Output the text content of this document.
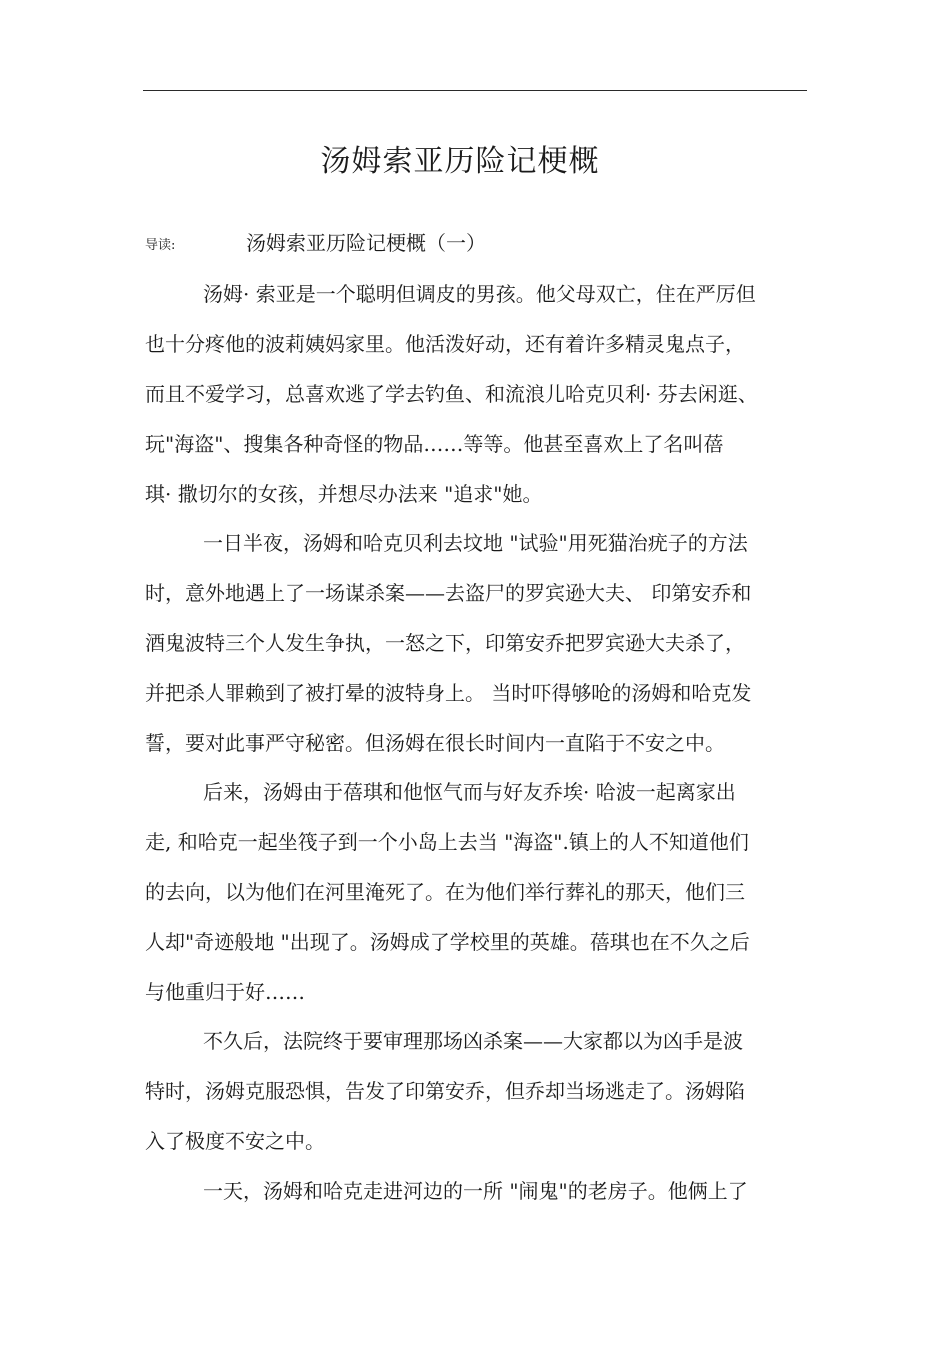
汤姆索亚历险记梗概
导读:	汤姆索亚历险记梗概（一）
汤姆· 索亚是一个聪明但调皮的男孩。他父母双亡，住在严厉但
也十分疼他的波莉姨妈家里。他活泼好动，还有着许多精灵鬼点子，
而且不爱学习，总喜欢逃了学去钓鱼、和流浪儿哈克贝利· 芬去闲逛、
玩"海盗"、搜集各种奇怪的物品……等等。他甚至喜欢上了名叫蓓
琪· 撒切尔的女孩，并想尽办法来 "追求"她。
一日半夜，汤姆和哈克贝利去坟地 "试验"用死猫治疣子的方法
时，意外地遇上了一场谋杀案——去盗尸的罗宾逊大夫、 印第安乔和
酒鬼波特三个人发生争执，一怒之下，印第安乔把罗宾逊大夫杀了，
并把杀人罪赖到了被打晕的波特身上。 当时吓得够呛的汤姆和哈克发
誓，要对此事严守秘密。但汤姆在很长时间内一直陷于不安之中。
后来，汤姆由于蓓琪和他怄气而与好友乔埃· 哈波一起离家出
走, 和哈克一起坐筏子到一个小岛上去当 "海盗".镇上的人不知道他们
的去向，以为他们在河里淹死了。在为他们举行葬礼的那天，他们三
人却"奇迹般地 "出现了。汤姆成了学校里的英雄。蓓琪也在不久之后
与他重归于好……
不久后，法院终于要审理那场凶杀案——大家都以为凶手是波
特时，汤姆克服恐惧，告发了印第安乔，但乔却当场逃走了。汤姆陷
入了极度不安之中。
一天，汤姆和哈克走进河边的一所 "闹鬼"的老房子。他俩上了
